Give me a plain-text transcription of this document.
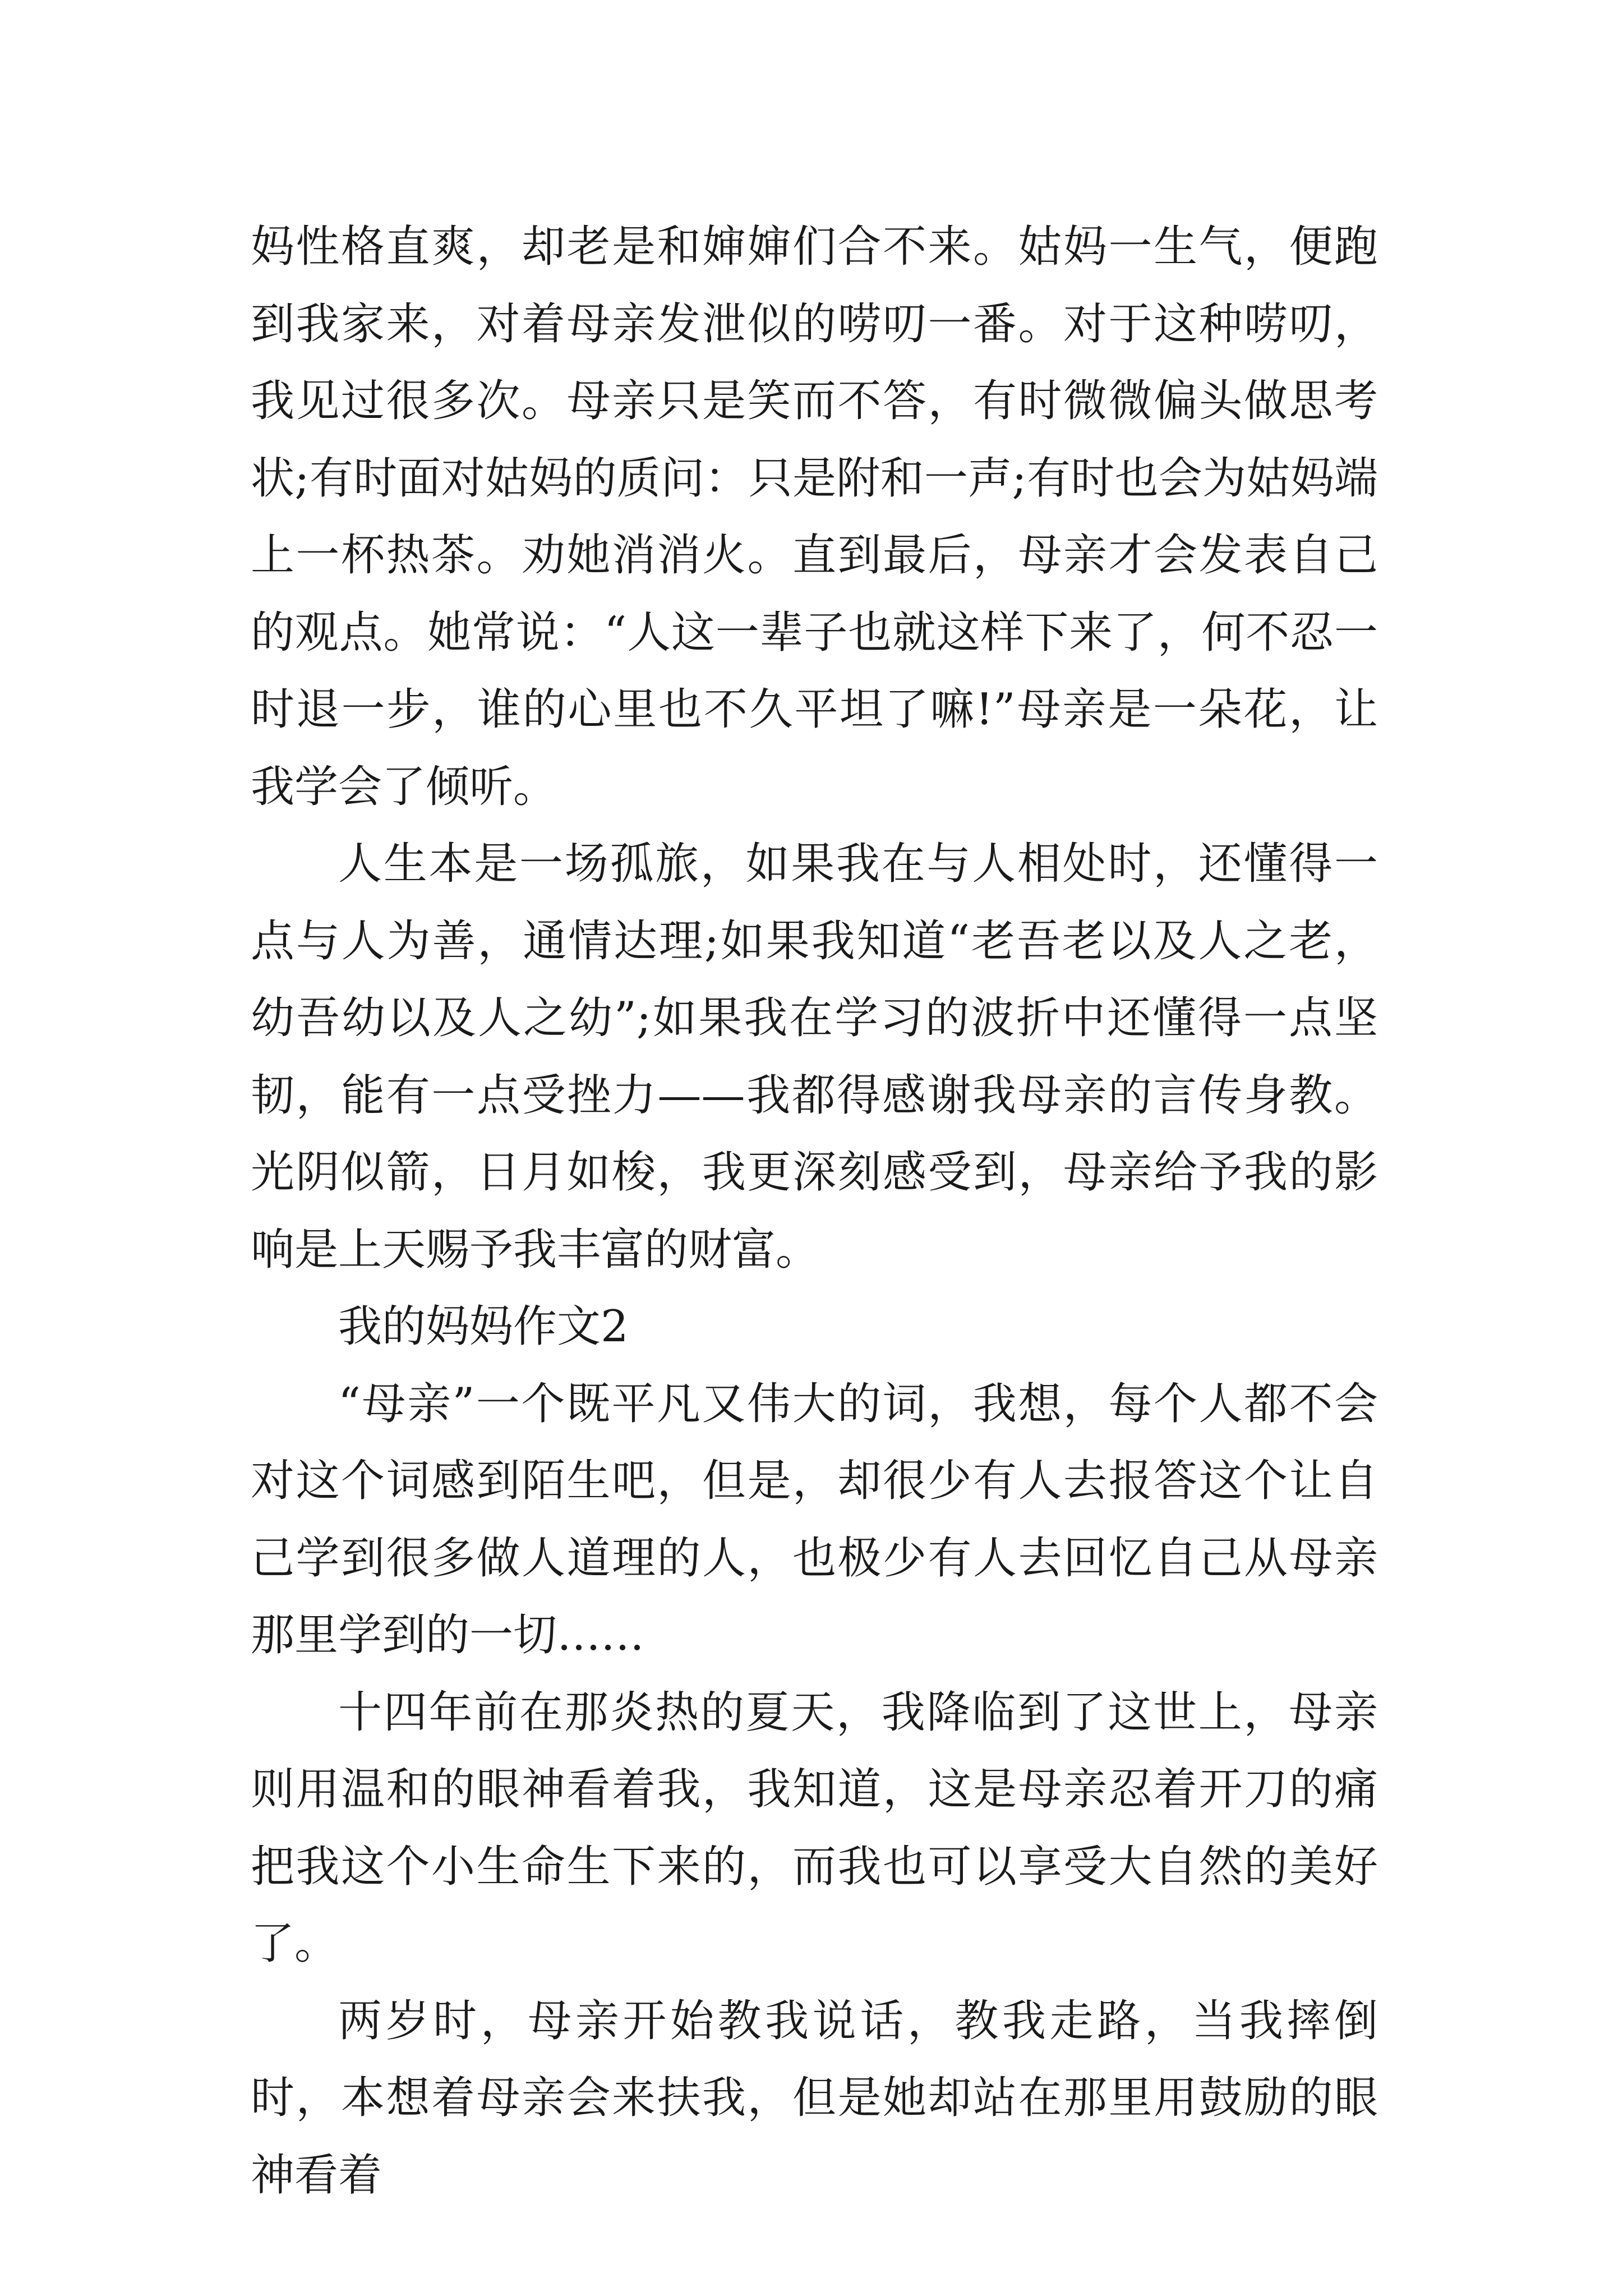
妈性格直爽，却老是和婶婶们合不来。姑妈一生气，便跑到我家来，对着母亲发泄似的唠叨一番。对于这种唠叨，我见过很多次。母亲只是笑而不答，有时微微偏头做思考状;有时面对姑妈的质问：只是附和一声;有时也会为姑妈端上一杯热茶。劝她消消火。直到最后，母亲才会发表自己的观点。她常说：“人这一辈子也就这样下来了，何不忍一时退一步，谁的心里也不久平坦了嘛!”母亲是一朵花，让我学会了倾听。

人生本是一场孤旅，如果我在与人相处时，还懂得一点与人为善，通情达理;如果我知道“老吾老以及人之老，幼吾幼以及人之幼”;如果我在学习的波折中还懂得一点坚韧，能有一点受挫力——我都得感谢我母亲的言传身教。光阴似箭，日月如梭，我更深刻感受到，母亲给予我的影响是上天赐予我丰富的财富。

我的妈妈作文2

“母亲”一个既平凡又伟大的词，我想，每个人都不会对这个词感到陌生吧，但是，却很少有人去报答这个让自己学到很多做人道理的人，也极少有人去回忆自己从母亲那里学到的一切……

十四年前在那炎热的夏天，我降临到了这世上，母亲则用温和的眼神看着我，我知道，这是母亲忍着开刀的痛把我这个小生命生下来的，而我也可以享受大自然的美好了。

两岁时，母亲开始教我说话，教我走路，当我摔倒时，本想着母亲会来扶我，但是她却站在那里用鼓励的眼神看着
